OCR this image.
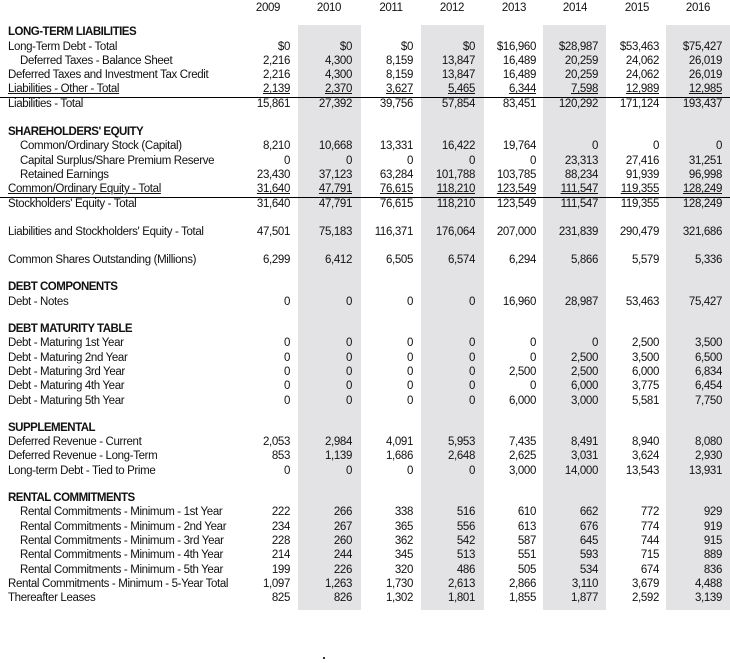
2009	2010	2011	2012	2013	2014	2015	2016
LONG-TERM LIABILITIES
Long-Term Debt - Total	$0	$0	$0	$0	$16,960	$28,987	$53,463	$75,427
Deferred Taxes - Balance Sheet	2,216	4,300	8,159	13,847	16,489	20,259	24,062	26,019
Deferred Taxes and Investment Tax Credit	2,216	4,300	8,159	13,847	16,489	20,259	24,062	26,019
Liabilities - Other - Total	2,139	2,370	3,627	5,465	6,344	7,598	12,989	12,985
Liabilities - Total	15,861	27,392	39,756	57,854	83,451	120,292	171,124	193,437
SHAREHOLDERS' EQUITY
Common/Ordinary Stock (Capital)	8,210	10,668	13,331	16,422	19,764	0	0	0
Capital Surplus/Share Premium Reserve	0	0	0	0	0	23,313	27,416	31,251
Retained Earnings	23,430	37,123	63,284	101,788	103,785	88,234	91,939	96,998
Common/Ordinary Equity - Total	31,640	47,791	76,615	118,210	123,549	111,547	119,355	128,249
Stockholders' Equity - Total	31,640	47,791	76,615	118,210	123,549	111,547	119,355	128,249
Liabilities and Stockholders' Equity - Total	47,501	75,183	116,371	176,064	207,000	231,839	290,479	321,686
Common Shares Outstanding (Millions)	6,299	6,412	6,505	6,574	6,294	5,866	5,579	5,336
DEBT COMPONENTS
Debt - Notes	0	0	0	0	16,960	28,987	53,463	75,427
DEBT MATURITY TABLE
Debt - Maturing 1st Year	0	0	0	0	0	0	2,500	3,500
Debt - Maturing 2nd Year	0	0	0	0	0	2,500	3,500	6,500
Debt - Maturing 3rd Year	0	0	0	0	2,500	2,500	6,000	6,834
Debt - Maturing 4th Year	0	0	0	0	0	6,000	3,775	6,454
Debt - Maturing 5th Year	0	0	0	0	6,000	3,000	5,581	7,750
SUPPLEMENTAL
Deferred Revenue - Current	2,053	2,984	4,091	5,953	7,435	8,491	8,940	8,080
Deferred Revenue - Long-Term	853	1,139	1,686	2,648	2,625	3,031	3,624	2,930
Long-term Debt - Tied to Prime	0	0	0	0	3,000	14,000	13,543	13,931
RENTAL COMMITMENTS
Rental Commitments - Minimum - 1st Year	222	266	338	516	610	662	772	929
Rental Commitments - Minimum - 2nd Year	234	267	365	556	613	676	774	919
Rental Commitments - Minimum - 3rd Year	228	260	362	542	587	645	744	915
Rental Commitments - Minimum - 4th Year	214	244	345	513	551	593	715	889
Rental Commitments - Minimum - 5th Year	199	226	320	486	505	534	674	836
Rental Commitments - Minimum - 5-Year Total	1,097	1,263	1,730	2,613	2,866	3,110	3,679	4,488
Thereafter Leases	825	826	1,302	1,801	1,855	1,877	2,592	3,139
